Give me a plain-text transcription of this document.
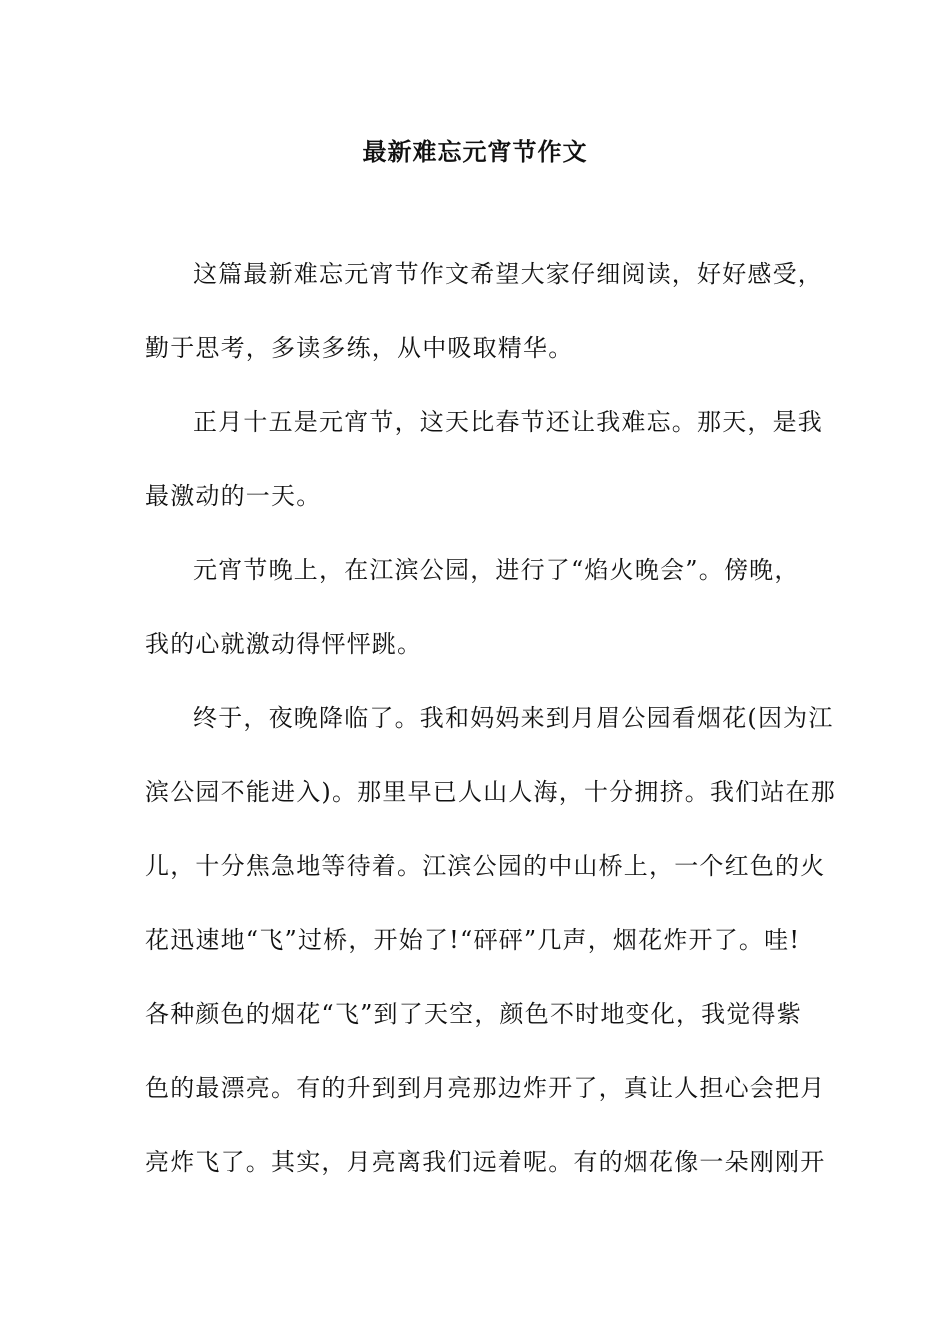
最新难忘元宵节作文
这篇最新难忘元宵节作文希望大家仔细阅读，好好感受，
勤于思考，多读多练，从中吸取精华。
正月十五是元宵节，这天比春节还让我难忘。那天，是我
最激动的一天。
元宵节晚上，在江滨公园，进行了“焰火晚会”。傍晚，
我的心就激动得怦怦跳。
终于，夜晚降临了。我和妈妈来到月眉公园看烟花(因为江
滨公园不能进入)。那里早已人山人海，十分拥挤。我们站在那
儿，十分焦急地等待着。江滨公园的中山桥上，一个红色的火
花迅速地“飞”过桥，开始了!“砰砰”几声，烟花炸开了。哇!
各种颜色的烟花“飞”到了天空，颜色不时地变化，我觉得紫
色的最漂亮。有的升到到月亮那边炸开了，真让人担心会把月
亮炸飞了。其实，月亮离我们远着呢。有的烟花像一朵刚刚开
